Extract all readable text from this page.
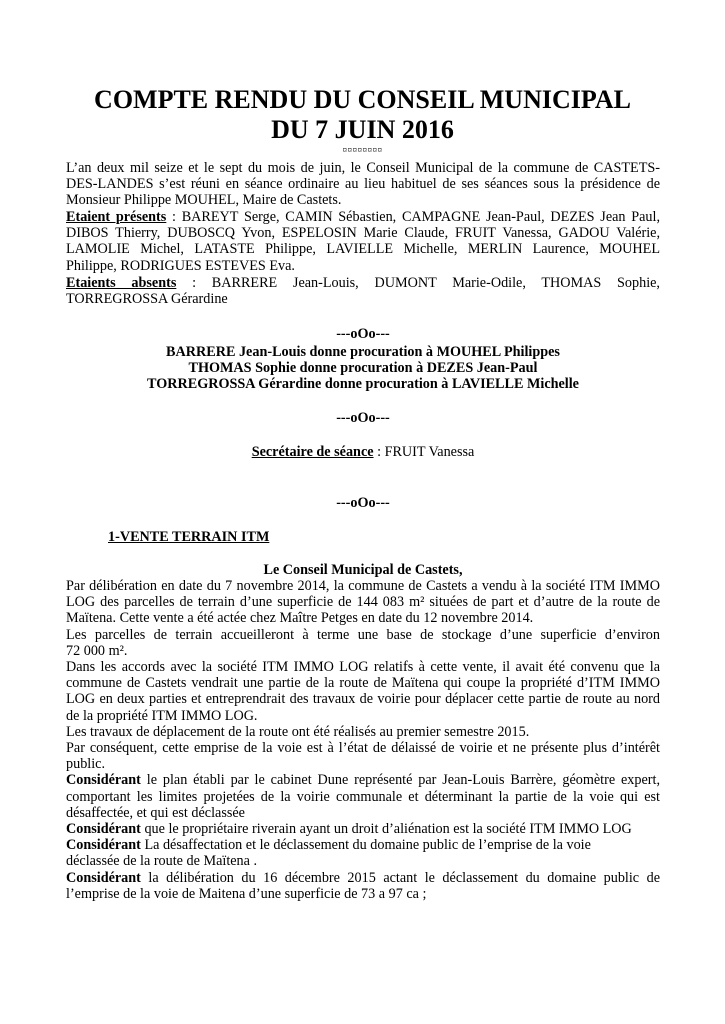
COMPTE RENDU DU CONSEIL MUNICIPAL
DU 7 JUIN 2016
¤¤¤¤¤¤¤¤
L’an deux mil seize et le sept du mois de juin, le Conseil Municipal de la commune de CASTETS-
DES-LANDES s’est réuni en séance ordinaire au lieu habituel de ses séances sous la présidence de
Monsieur Philippe MOUHEL, Maire de Castets.
Etaient présents : BAREYT Serge, CAMIN Sébastien, CAMPAGNE Jean-Paul, DEZES Jean Paul,
DIBOS Thierry, DUBOSCQ Yvon, ESPELOSIN Marie Claude, FRUIT Vanessa, GADOU Valérie,
LAMOLIE Michel, LATASTE Philippe, LAVIELLE Michelle, MERLIN Laurence, MOUHEL
Philippe, RODRIGUES ESTEVES Eva.
Etaients absents : BARRERE Jean-Louis, DUMONT Marie-Odile, THOMAS Sophie,
TORREGROSSA Gérardine
---oOo---
BARRERE Jean-Louis donne procuration à MOUHEL Philippes
THOMAS Sophie donne procuration à DEZES Jean-Paul
TORREGROSSA Gérardine donne procuration à LAVIELLE Michelle
---oOo---
Secrétaire de séance : FRUIT Vanessa
---oOo---
1-VENTE TERRAIN ITM
Le Conseil Municipal de Castets,
Par délibération en date du 7 novembre 2014, la commune de Castets a vendu à la société ITM IMMO
LOG des parcelles de terrain d’une superficie de 144 083 m² situées de part et d’autre de la route de
Maïtena. Cette vente a été actée chez Maître Petges en date du 12 novembre 2014.
Les parcelles de terrain accueilleront à terme une base de stockage d’une superficie d’environ
72 000 m².
Dans les accords avec la société ITM IMMO LOG relatifs à cette vente, il avait été convenu que la
commune de Castets vendrait une partie de la route de Maïtena qui coupe la propriété d’ITM IMMO
LOG en deux parties et entreprendrait des travaux de voirie pour déplacer cette partie de route au nord
de la propriété ITM IMMO LOG.
Les travaux de déplacement de la route ont été réalisés au premier semestre 2015.
Par conséquent, cette emprise de la voie est à l’état de délaissé de voirie et ne présente plus d’intérêt
public.
Considérant le plan établi par le cabinet Dune représenté par Jean-Louis Barrère, géomètre expert,
comportant les limites projetées de la voirie communale et déterminant la partie de la voie qui est
désaffectée, et qui est déclassée
Considérant que le propriétaire riverain ayant un droit d’aliénation est la société ITM IMMO LOG
Considérant La désaffectation et le déclassement du domaine public de l’emprise de la voie
déclassée de la route de Maïtena .
Considérant la délibération du 16 décembre 2015 actant le déclassement du domaine public de
l’emprise de la voie de Maitena d’une superficie de 73 a 97 ca ;
